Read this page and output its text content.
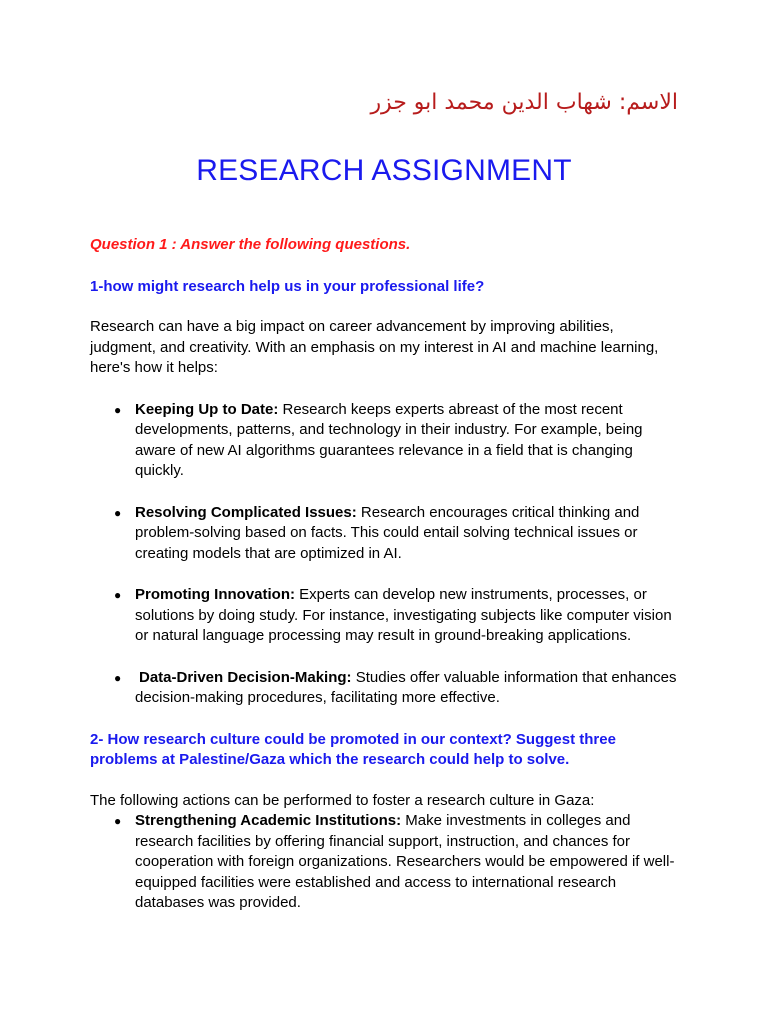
الاسم: شهاب الدين محمد ابو جزر
RESEARCH ASSIGNMENT
Question 1 : Answer the following questions.
1-how might research help us in your professional life?

Research can have a big impact on career advancement by improving abilities, judgment, and creativity. With an emphasis on my interest in AI and machine learning, here's how it helps:

● Keeping Up to Date: Research keeps experts abreast of the most recent developments, patterns, and technology in their industry. For example, being aware of new AI algorithms guarantees relevance in a field that is changing quickly.
● Resolving Complicated Issues: Research encourages critical thinking and problem-solving based on facts. This could entail solving technical issues or creating models that are optimized in AI.
● Promoting Innovation: Experts can develop new instruments, processes, or solutions by doing study. For instance, investigating subjects like computer vision or natural language processing may result in ground-breaking applications.
● Data-Driven Decision-Making: Studies offer valuable information that enhances decision-making procedures, facilitating more effective.
2- How research culture could be promoted in our context? Suggest three problems at Palestine/Gaza which the research could help to solve.

The following actions can be performed to foster a research culture in Gaza:

● Strengthening Academic Institutions: Make investments in colleges and research facilities by offering financial support, instruction, and chances for cooperation with foreign organizations. Researchers would be empowered if well-equipped facilities were established and access to international research databases was provided.
